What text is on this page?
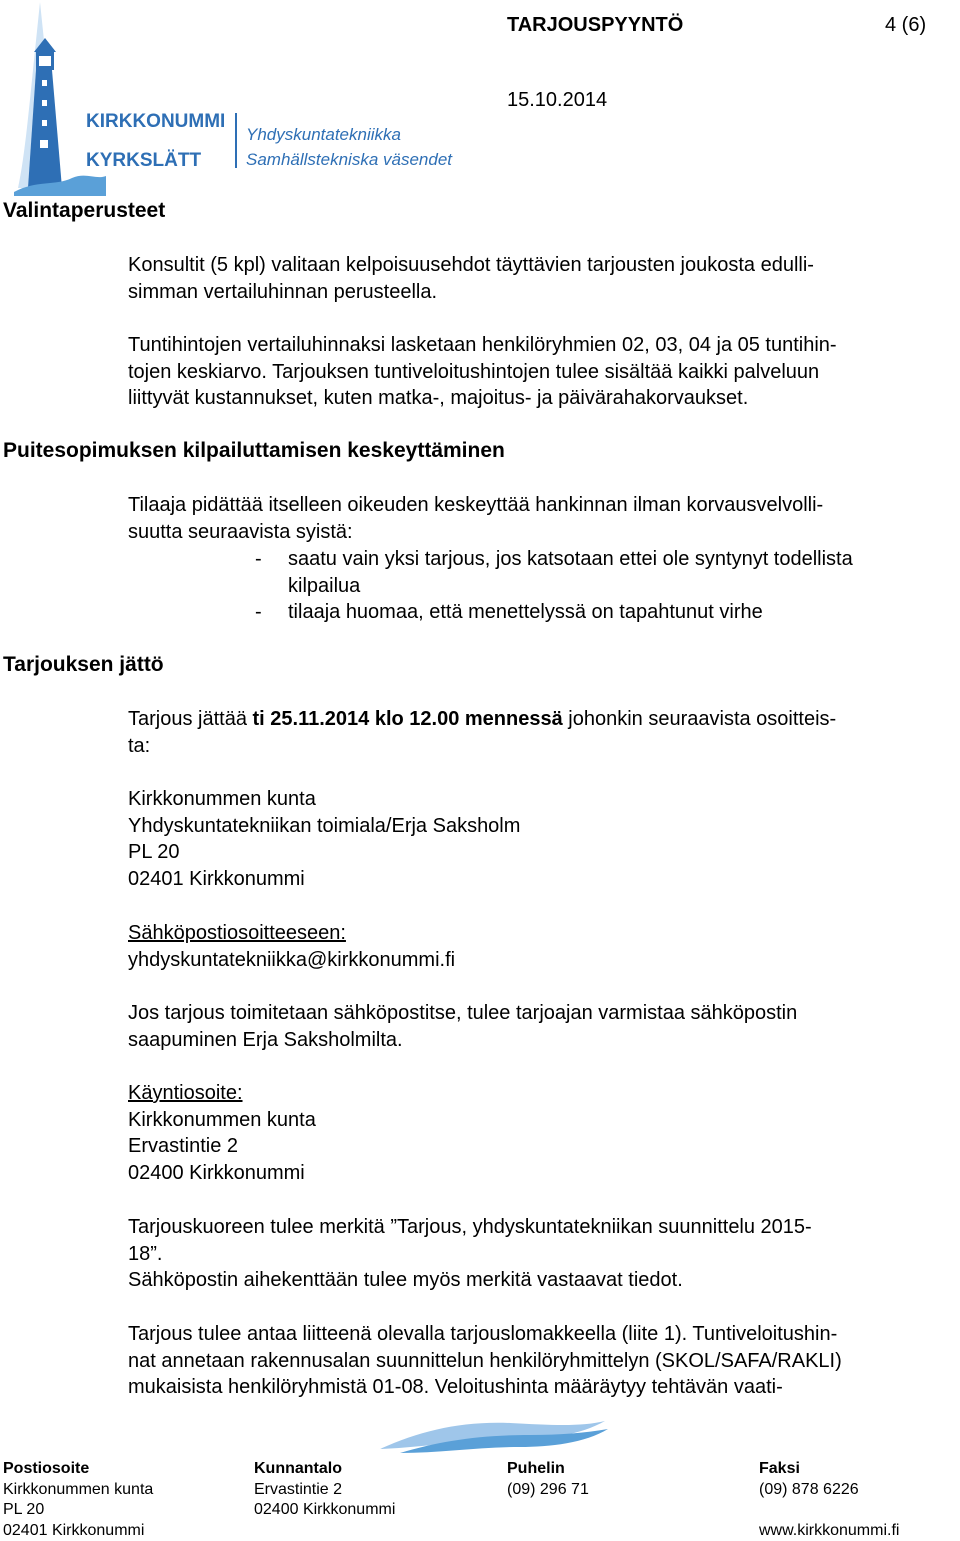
TARJOUSPYYNTÖ	4 (6)
15.10.2014
KIRKKONUMMI
KYRKSLÄTT
Yhdyskuntatekniikka
Samhällstekniska väsendet
Valintaperusteet
Konsultit (5 kpl) valitaan kelpoisuusehdot täyttävien tarjousten joukosta edulli-
simman vertailuhinnan perusteella.
Tuntihintojen vertailuhinnaksi lasketaan henkilöryhmien 02, 03, 04 ja 05 tuntihin-
tojen keskiarvo. Tarjouksen tuntiveloitushintojen tulee sisältää kaikki palveluun
liittyvät kustannukset, kuten matka-, majoitus- ja päivärahakorvaukset.
Puitesopimuksen kilpailuttamisen keskeyttäminen
Tilaaja pidättää itselleen oikeuden keskeyttää hankinnan ilman korvausvelvolli-
suutta seuraavista syistä:
- saatu vain yksi tarjous, jos katsotaan ettei ole syntynyt todellista
kilpailua
- tilaaja huomaa, että menettelyssä on tapahtunut virhe
Tarjouksen jättö
Tarjous jättää ti 25.11.2014 klo 12.00 mennessä johonkin seuraavista osoitteis-
ta:
Kirkkonummen kunta
Yhdyskuntatekniikan toimiala/Erja Saksholm
PL 20
02401 Kirkkonummi
Sähköpostiosoitteeseen:
yhdyskuntatekniikka@kirkkonummi.fi
Jos tarjous toimitetaan sähköpostitse, tulee tarjoajan varmistaa sähköpostin
saapuminen Erja Saksholmilta.
Käyntiosoite:
Kirkkonummen kunta
Ervastintie 2
02400 Kirkkonummi
Tarjouskuoreen tulee merkitä ”Tarjous, yhdyskuntatekniikan suunnittelu 2015-
18”.
Sähköpostin aihekenttään tulee myös merkitä vastaavat tiedot.
Tarjous tulee antaa liitteenä olevalla tarjouslomakkeella (liite 1). Tuntiveloitushin-
nat annetaan rakennusalan suunnittelun henkilöryhmittelyn (SKOL/SAFA/RAKLI)
mukaisista henkilöryhmistä 01-08. Veloitushinta määräytyy tehtävän vaati-
Postiosoite
Kirkkonummen kunta
PL 20
02401 Kirkkonummi
Kunnantalo
Ervastintie 2
02400 Kirkkonummi
Puhelin
(09) 296 71
Faksi
(09) 878 6226

www.kirkkonummi.fi
